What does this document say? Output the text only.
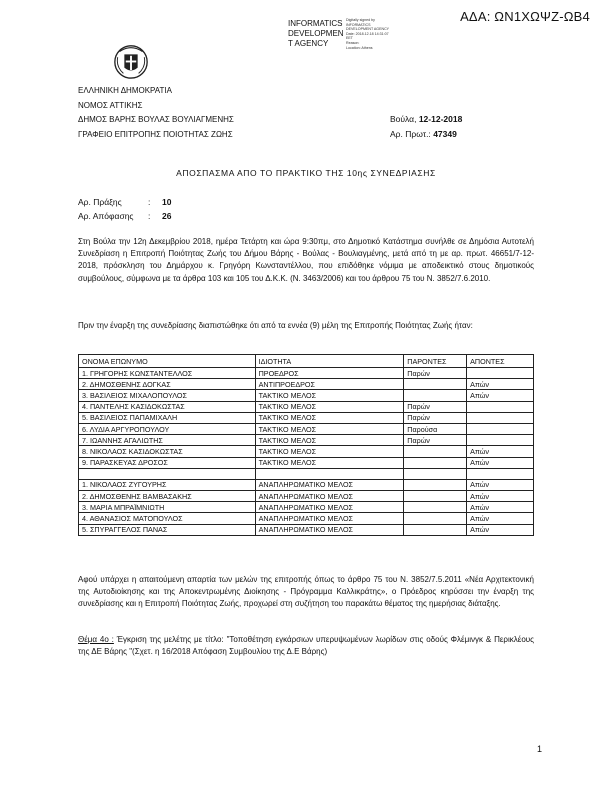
ΑΔΑ: ΩΝ1ΧΩΨΖ-ΩΒ4
INFORMATICS
DEVELOPMEN
T AGENCY
Digitally signed by
INFORMATICS
DEVELOPMENT AGENCY
Date: 2018.12.18 14:31:07
EET
Reason:
Location: Athens
ΕΛΛΗΝΙΚΗ ΔΗΜΟΚΡΑΤΙΑ
ΝΟΜΟΣ ΑΤΤΙΚΗΣ
ΔΗΜΟΣ ΒΑΡΗΣ ΒΟΥΛΑΣ ΒΟΥΛΙΑΓΜΕΝΗΣ
ΓΡΑΦΕΙΟ ΕΠΙΤΡΟΠΗΣ ΠΟΙΟΤΗΤΑΣ ΖΩΗΣ
Βούλα, 12-12-2018
Αρ. Πρωτ.: 47349
ΑΠΟΣΠΑΣΜΑ ΑΠΟ ΤΟ ΠΡΑΚΤΙΚΟ ΤΗΣ 10ης ΣΥΝΕΔΡΙΑΣΗΣ
Αρ. Πράξης	: 10
Αρ. Απόφασης : 26
Στη Βούλα την 12η Δεκεμβρίου 2018, ημέρα Τετάρτη και ώρα 9:30πμ, στο Δημοτικό Κατάστημα συνήλθε σε Δημόσια Αυτοτελή Συνεδρίαση η Επιτροπή Ποιότητας Ζωής του Δήμου Βάρης - Βούλας - Βουλιαγμένης, μετά από τη με αρ. πρωτ. 46651/7-12-2018, πρόσκληση του Δημάρχου κ. Γρηγόρη Κωνσταντέλλου, που επιδόθηκε νόμιμα με αποδεικτικό στους δημοτικούς συμβούλους, σύμφωνα με τα άρθρα 103 και 105 του Δ.Κ.Κ. (Ν. 3463/2006) και του άρθρου 75 του Ν. 3852/7.6.2010.
Πριν την έναρξη της συνεδρίασης διαπιστώθηκε ότι από τα εννέα (9) μέλη της Επιτροπής Ποιότητας Ζωής ήταν:
ΟΝΟΜΑ ΕΠΩΝΥΜΟ	ΙΔΙΟΤΗΤΑ	ΠΑΡΟΝΤΕΣ	ΑΠΟΝΤΕΣ
1. ΓΡΗΓΟΡΗΣ ΚΩΝΣΤΑΝΤΕΛΛΟΣ	ΠΡΟΕΔΡΟΣ	Παρών	
2. ΔΗΜΟΣΘΕΝΗΣ ΔΟΓΚΑΣ	ΑΝΤΙΠΡΟΕΔΡΟΣ		Απών
3. ΒΑΣΙΛΕΙΟΣ ΜΙΧΑΛΟΠΟΥΛΟΣ	ΤΑΚΤΙΚΟ ΜΕΛΟΣ		Απών
4. ΠΑΝΤΕΛΗΣ ΚΑΣΙΔΟΚΩΣΤΑΣ	ΤΑΚΤΙΚΟ ΜΕΛΟΣ	Παρών	
5. ΒΑΣΙΛΕΙΟΣ ΠΑΠΑΜΙΧΑΛΗ	ΤΑΚΤΙΚΟ ΜΕΛΟΣ	Παρών	
6. ΛΥΔΙΑ ΑΡΓΥΡΟΠΟΥΛΟΥ	ΤΑΚΤΙΚΟ ΜΕΛΟΣ	Παρούσα	
7. ΙΩΑΝΝΗΣ ΑΓΑΛΙΩΤΗΣ	ΤΑΚΤΙΚΟ ΜΕΛΟΣ	Παρών	
8. ΝΙΚΟΛΑΟΣ ΚΑΣΙΔΟΚΩΣΤΑΣ	ΤΑΚΤΙΚΟ ΜΕΛΟΣ		Απών
9. ΠΑΡΑΣΚΕΥΑΣ ΔΡΟΣΟΣ	ΤΑΚΤΙΚΟ ΜΕΛΟΣ		Απών

1. ΝΙΚΟΛΑΟΣ ΖΥΓΟΥΡΗΣ	ΑΝΑΠΛΗΡΩΜΑΤΙΚΟ ΜΕΛΟΣ		Απών
2. ΔΗΜΟΣΘΕΝΗΣ ΒΑΜΒΑΣΑΚΗΣ	ΑΝΑΠΛΗΡΩΜΑΤΙΚΟ ΜΕΛΟΣ		Απών
3. ΜΑΡΙΑ ΜΠΡΑΪΜΝΙΩΤΗ	ΑΝΑΠΛΗΡΩΜΑΤΙΚΟ ΜΕΛΟΣ		Απών
4. ΑΘΑΝΑΣΙΟΣ ΜΑΤΟΠΟΥΛΟΣ	ΑΝΑΠΛΗΡΩΜΑΤΙΚΟ ΜΕΛΟΣ		Απών
5. ΣΠΥΡΑΓΓΕΛΟΣ ΠΑΝΑΣ	ΑΝΑΠΛΗΡΩΜΑΤΙΚΟ ΜΕΛΟΣ		Απών
Αφού υπάρχει η απαιτούμενη απαρτία των μελών της επιτροπής όπως το άρθρο 75 του Ν. 3852/7.5.2011 «Νέα Αρχιτεκτονική της Αυτοδιοίκησης και της Αποκεντρωμένης Διοίκησης - Πρόγραμμα Καλλικράτης», ο Πρόεδρος κηρύσσει την έναρξη της συνεδρίασης και η Επιτροπή Ποιότητας Ζωής, προχωρεί στη συζήτηση του παρακάτω θέματος της ημερήσιας διάταξης.
Θέμα 4ο : Έγκριση της μελέτης με τίτλο: "Τοποθέτηση εγκάρσιων υπερυψωμένων λωρίδων στις οδούς Φλέμινγκ & Περικλέους της ΔΕ Βάρης "(Σχετ. η 16/2018 Απόφαση Συμβουλίου της Δ.Ε Βάρης)
1
